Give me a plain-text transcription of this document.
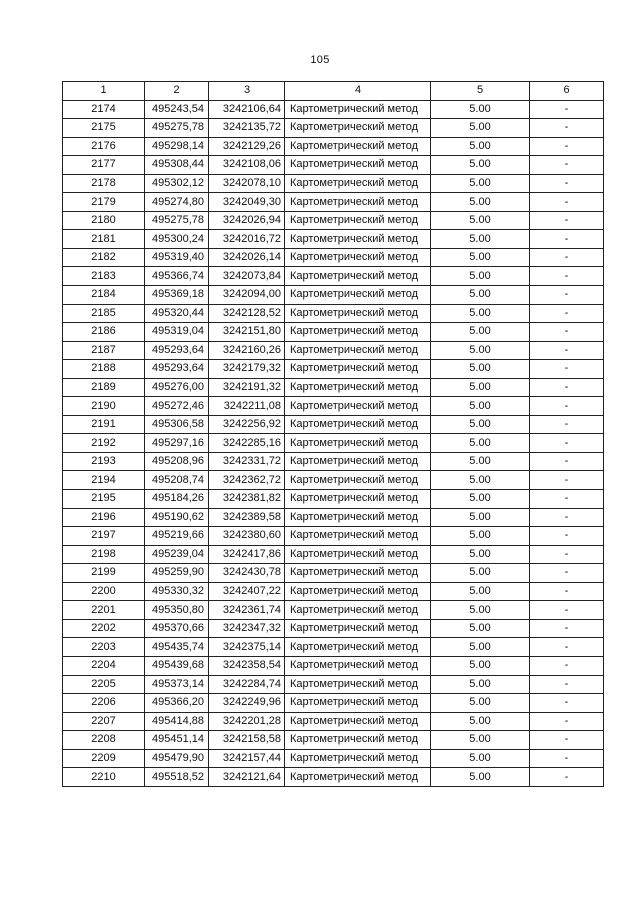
105
1	2	3	4	5	6
2174	495243,54	3242106,64	Картометрический метод	5.00	-
2175	495275,78	3242135,72	Картометрический метод	5.00	-
2176	495298,14	3242129,26	Картометрический метод	5.00	-
2177	495308,44	3242108,06	Картометрический метод	5.00	-
2178	495302,12	3242078,10	Картометрический метод	5.00	-
2179	495274,80	3242049,30	Картометрический метод	5.00	-
2180	495275,78	3242026,94	Картометрический метод	5.00	-
2181	495300,24	3242016,72	Картометрический метод	5.00	-
2182	495319,40	3242026,14	Картометрический метод	5.00	-
2183	495366,74	3242073,84	Картометрический метод	5.00	-
2184	495369,18	3242094,00	Картометрический метод	5.00	-
2185	495320,44	3242128,52	Картометрический метод	5.00	-
2186	495319,04	3242151,80	Картометрический метод	5.00	-
2187	495293,64	3242160,26	Картометрический метод	5.00	-
2188	495293,64	3242179,32	Картометрический метод	5.00	-
2189	495276,00	3242191,32	Картометрический метод	5.00	-
2190	495272,46	3242211,08	Картометрический метод	5.00	-
2191	495306,58	3242256,92	Картометрический метод	5.00	-
2192	495297,16	3242285,16	Картометрический метод	5.00	-
2193	495208,96	3242331,72	Картометрический метод	5.00	-
2194	495208,74	3242362,72	Картометрический метод	5.00	-
2195	495184,26	3242381,82	Картометрический метод	5.00	-
2196	495190,62	3242389,58	Картометрический метод	5.00	-
2197	495219,66	3242380,60	Картометрический метод	5.00	-
2198	495239,04	3242417,86	Картометрический метод	5.00	-
2199	495259,90	3242430,78	Картометрический метод	5.00	-
2200	495330,32	3242407,22	Картометрический метод	5.00	-
2201	495350,80	3242361,74	Картометрический метод	5.00	-
2202	495370,66	3242347,32	Картометрический метод	5.00	-
2203	495435,74	3242375,14	Картометрический метод	5.00	-
2204	495439,68	3242358,54	Картометрический метод	5.00	-
2205	495373,14	3242284,74	Картометрический метод	5.00	-
2206	495366,20	3242249,96	Картометрический метод	5.00	-
2207	495414,88	3242201,28	Картометрический метод	5.00	-
2208	495451,14	3242158,58	Картометрический метод	5.00	-
2209	495479,90	3242157,44	Картометрический метод	5.00	-
2210	495518,52	3242121,64	Картометрический метод	5.00	-
